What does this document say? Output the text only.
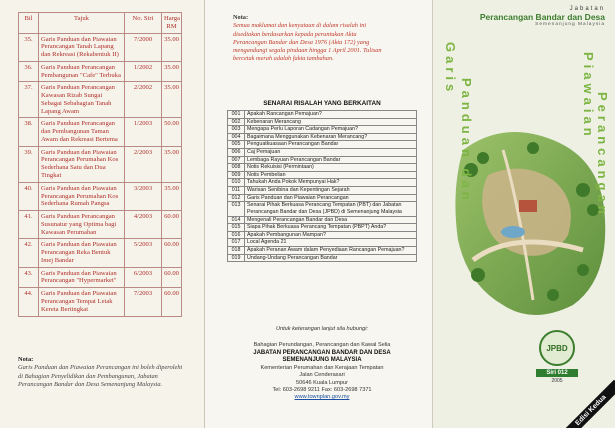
Bil	Tajuk	No. Siri	Harga RM
35.	Garis Panduan dan Piawaian Perancangan Tanah Lapang dan Rekreasi (Rekabentuk II)	7/2000	35.00
36.	Garis Panduan Perancangan Pembangunan "Cafe" Terbuka	1/2002	35.00
37.	Garis Panduan Perancangan Kawasan Rizab Sungai Sebagai Sebahagian Tanah Lapang Awam	2/2002	35.00
38.	Garis Panduan Perancangan dan Pembangunan Taman Awam dan Rekreasi Bertema	1/2003	50.00
39.	Garis Panduan dan Piawaian Perancangan Perumahan Kos Sederhana Satu dan Dua Tingkat	2/2003	35.00
40.	Garis Panduan dan Piawaian Perancangan Perumahan Kos Sederhana Rumah Pangsa	3/2003	35.00
41.	Garis Panduan Perancangan Susunatur yang Optima bagi Kawasan Perumahan	4/2003	60.00
42.	Garis Panduan dan Piawaian Perancangan Reka Bentuk Imej Bandar	5/2003	60.00
43.	Garis Panduan dan Piawaian Perancangan "Hypermarket"	6/2003	60.00
44.	Garis Panduan dan Piawaian Perancangan Tempat Letak Kereta Bertingkat	7/2003	60.00
Nota:
Garis Panduan dan Piawaian Perancangan ini boleh diperolehi di Bahagian Penyelidikan dan Pembangunan, Jabatan Perancangan Bandar dan Desa Semenanjung Malaysia.
Nota:
Semua maklumat dan kenyataan di dalam risalah ini disediakan berdasarkan kepada peruntukan Akta Perancangan Bandar dan Desa 1976 (Akta 172) yang mengandungi segala pindaan hingga 1 April 2001. Tulisan bercetak merah adalah fakta tambahan.
SENARAI RISALAH YANG BERKAITAN
001	Apakah Rancangan Pemajuan?
002	Kebenaran Merancang
003	Mengapa Perlu Laporan Cadangan Pemajuan?
004	Bagaimana Menggunakan Kebenaran Merancang?
005	Penguatkuasaan Perancangan Bandar
006	Caj Pemajuan
007	Lembaga Rayuan Perancangan Bandar
008	Notis Rekuisisi (Permintaan)
009	Notis Pembelian
010	Tahukah Anda Pokok Mempunyai Hak?
011	Warisan Senibina dan Kepentingan Sejarah
012	Garis Panduan dan Piawaian Perancangan
013	Senarai Pihak Berkuasa Perancang Tempatan (PBT) dan Jabatan Perancangan Bandar dan Desa (JPBD) di Semenanjung Malaysia
014	Mengenali Perancangan Bandar dan Desa
015	Siapa Pihak Berkuasa Perancang Tempatan (PBPT) Anda?
016	Apakah Pembangunan Mampan?
017	Local Agenda 21
018	Apakah Peranan Awam dalam Penyediaan Rancangan Pemajuan?
019	Undang-Undang Perancangan Bandar
Untuk keterangan lanjut sila hubungi:
Bahagian Perundangan, Perancangan dan Kawal Selia
JABATAN PERANCANGAN BANDAR DAN DESA
SEMENANJUNG MALAYSIA
Kementerian Perumahan dan Kerajaan Tempatan
Jalan Cenderasari
50646 Kuala Lumpur
Tel: 603-2698 9211 Fax: 603-2698 7371
www.townplan.gov.my
Jabatan
Perancangan Bandar dan Desa
Semenanjung Malaysia
Garis
Panduan dan	Piawaian Perancangan
JPBD
Siri 012
2005
Edisi Kedua
